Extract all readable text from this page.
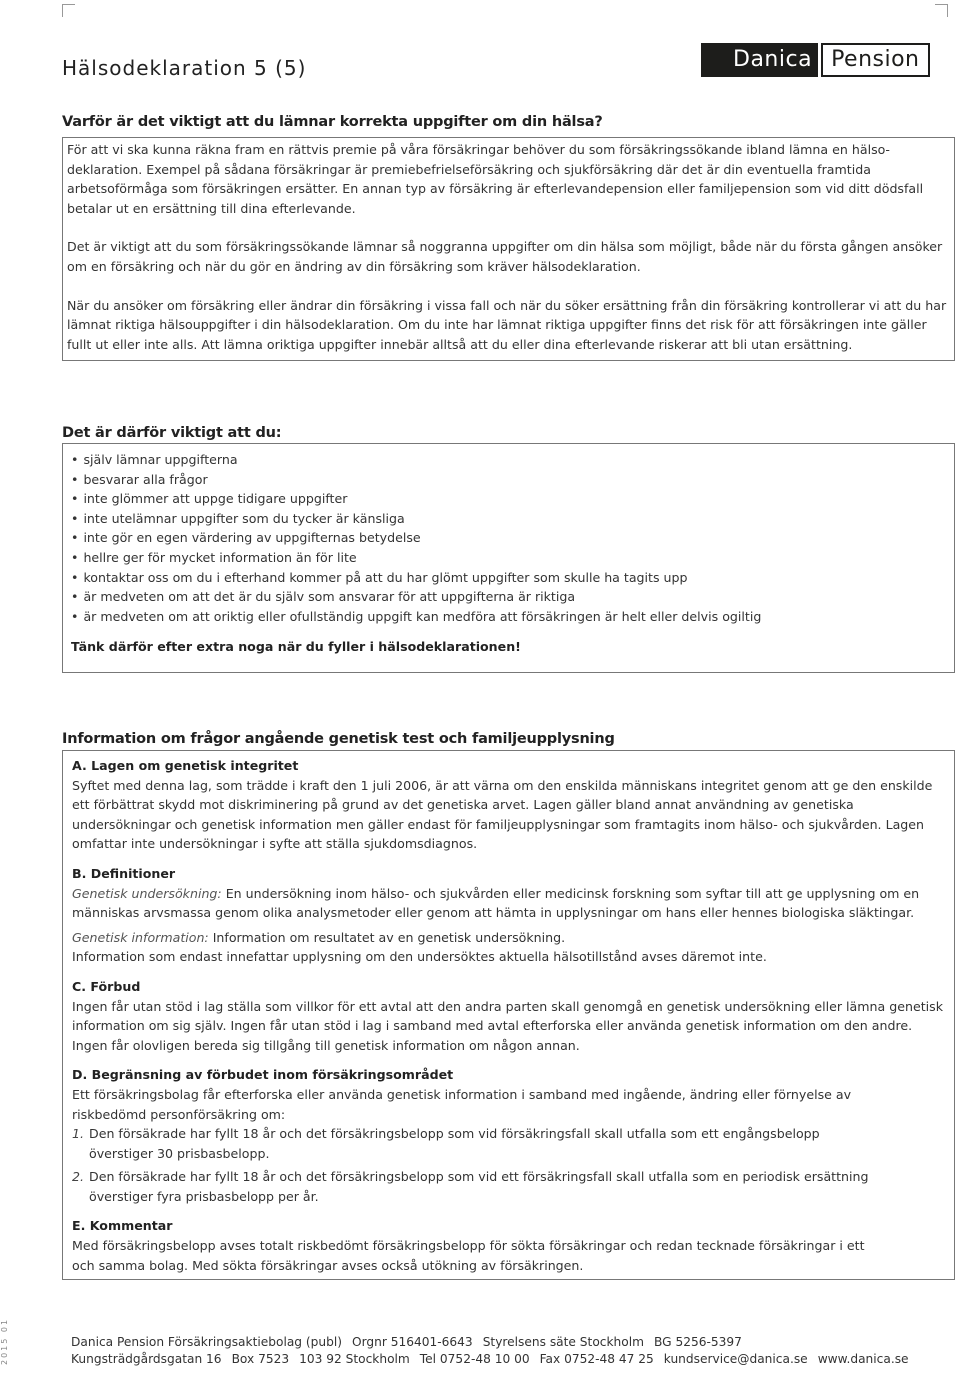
Hälsodeklaration 5 (5)	Danica Pension
Varför är det viktigt att du lämnar korrekta uppgifter om din hälsa?

För att vi ska kunna räkna fram en rättvis premie på våra försäkringar behöver du som försäkringssökande ibland lämna en hälsodeklaration. Exempel på sådana försäkringar är premiebefrielseförsäkring och sjukförsäkring där det är din eventuella framtida arbetsoförmåga som försäkringen ersätter. En annan typ av försäkring är efterlevandepension eller familjepension som vid ditt dödsfall betalar ut en ersättning till dina efterlevande.

Det är viktigt att du som försäkringssökande lämnar så noggranna uppgifter om din hälsa som möjligt, både när du första gången ansöker om en försäkring och när du gör en ändring av din försäkring som kräver hälsodeklaration.

När du ansöker om försäkring eller ändrar din försäkring i vissa fall och när du söker ersättning från din försäkring kontrollerar vi att du har lämnat riktiga hälsouppgifter i din hälsodeklaration. Om du inte har lämnat riktiga uppgifter finns det risk för att försäkringen inte gäller fullt ut eller inte alls. Att lämna oriktiga uppgifter innebär alltså att du eller dina efterlevande riskerar att bli utan ersättning.

Det är därför viktigt att du:
• själv lämnar uppgifterna
• besvarar alla frågor
• inte glömmer att uppge tidigare uppgifter
• inte utelämnar uppgifter som du tycker är känsliga
• inte gör en egen värdering av uppgifternas betydelse
• hellre ger för mycket information än för lite
• kontaktar oss om du i efterhand kommer på att du har glömt uppgifter som skulle ha tagits upp
• är medveten om att det är du själv som ansvarar för att uppgifterna är riktiga
• är medveten om att oriktig eller ofullständig uppgift kan medföra att försäkringen är helt eller delvis ogiltig
Tänk därför efter extra noga när du fyller i hälsodeklarationen!
Information om frågor angående genetisk test och familjeupplysning

A. Lagen om genetisk integritet

Syftet med denna lag, som trädde i kraft den 1 juli 2006, är att värna om den enskilda människans integritet genom att ge den enskilde ett förbättrat skydd mot diskriminering på grund av det genetiska arvet. Lagen gäller bland annat användning av genetiska undersökningar och genetisk information men gäller endast för familjeupplysningar som framtagits inom hälso- och sjukvården. Lagen omfattar inte undersökningar i syfte att ställa sjukdomsdiagnos.

B. Definitioner

Genetisk undersökning: En undersökning inom hälso- och sjukvården eller medicinsk forskning som syftar till att ge upplysning om en människas arvsmassa genom olika analysmetoder eller genom att hämta in upplysningar om hans eller hennes biologiska släktingar.

Genetisk information: Information om resultatet av en genetisk undersökning.

Information som endast innefattar upplysning om den undersöktes aktuella hälsotillstånd avses däremot inte.

C. Förbud

Ingen får utan stöd i lag ställa som villkor för ett avtal att den andra parten skall genomgå en genetisk undersökning eller lämna genetisk information om sig själv. Ingen får utan stöd i lag i samband med avtal efterforska eller använda genetisk information om den andre. Ingen får olovligen bereda sig tillgång till genetisk information om någon annan.

D. Begränsning av förbudet inom försäkringsområdet

Ett försäkringsbolag får efterforska eller använda genetisk information i samband med ingående, ändring eller förnyelse av riskbedömd personförsäkring om:

1. Den försäkrade har fyllt 18 år och det försäkringsbelopp som vid försäkringsfall skall utfalla som ett engångsbelopp överstiger 30 prisbasbelopp.
2. Den försäkrade har fyllt 18 år och det försäkringsbelopp som vid ett försäkringsfall skall utfalla som en periodisk ersättning överstiger fyra prisbasbelopp per år.

E. Kommentar

Med försäkringsbelopp avses totalt riskbedömt försäkringsbelopp för sökta försäkringar och redan tecknade försäkringar i ett och samma bolag. Med sökta försäkringar avses också utökning av försäkringen.

2015 01	Danica Pension Försäkringsaktiebolag (publ) Orgnr 516401-6643 Styrelsens säte Stockholm BG 5256-5397
Kungsträdgårdsgatan 16 Box 7523 103 92 Stockholm Tel 0752-48 10 00 Fax 0752-48 47 25 kundservice@danica.se www.danica.se
